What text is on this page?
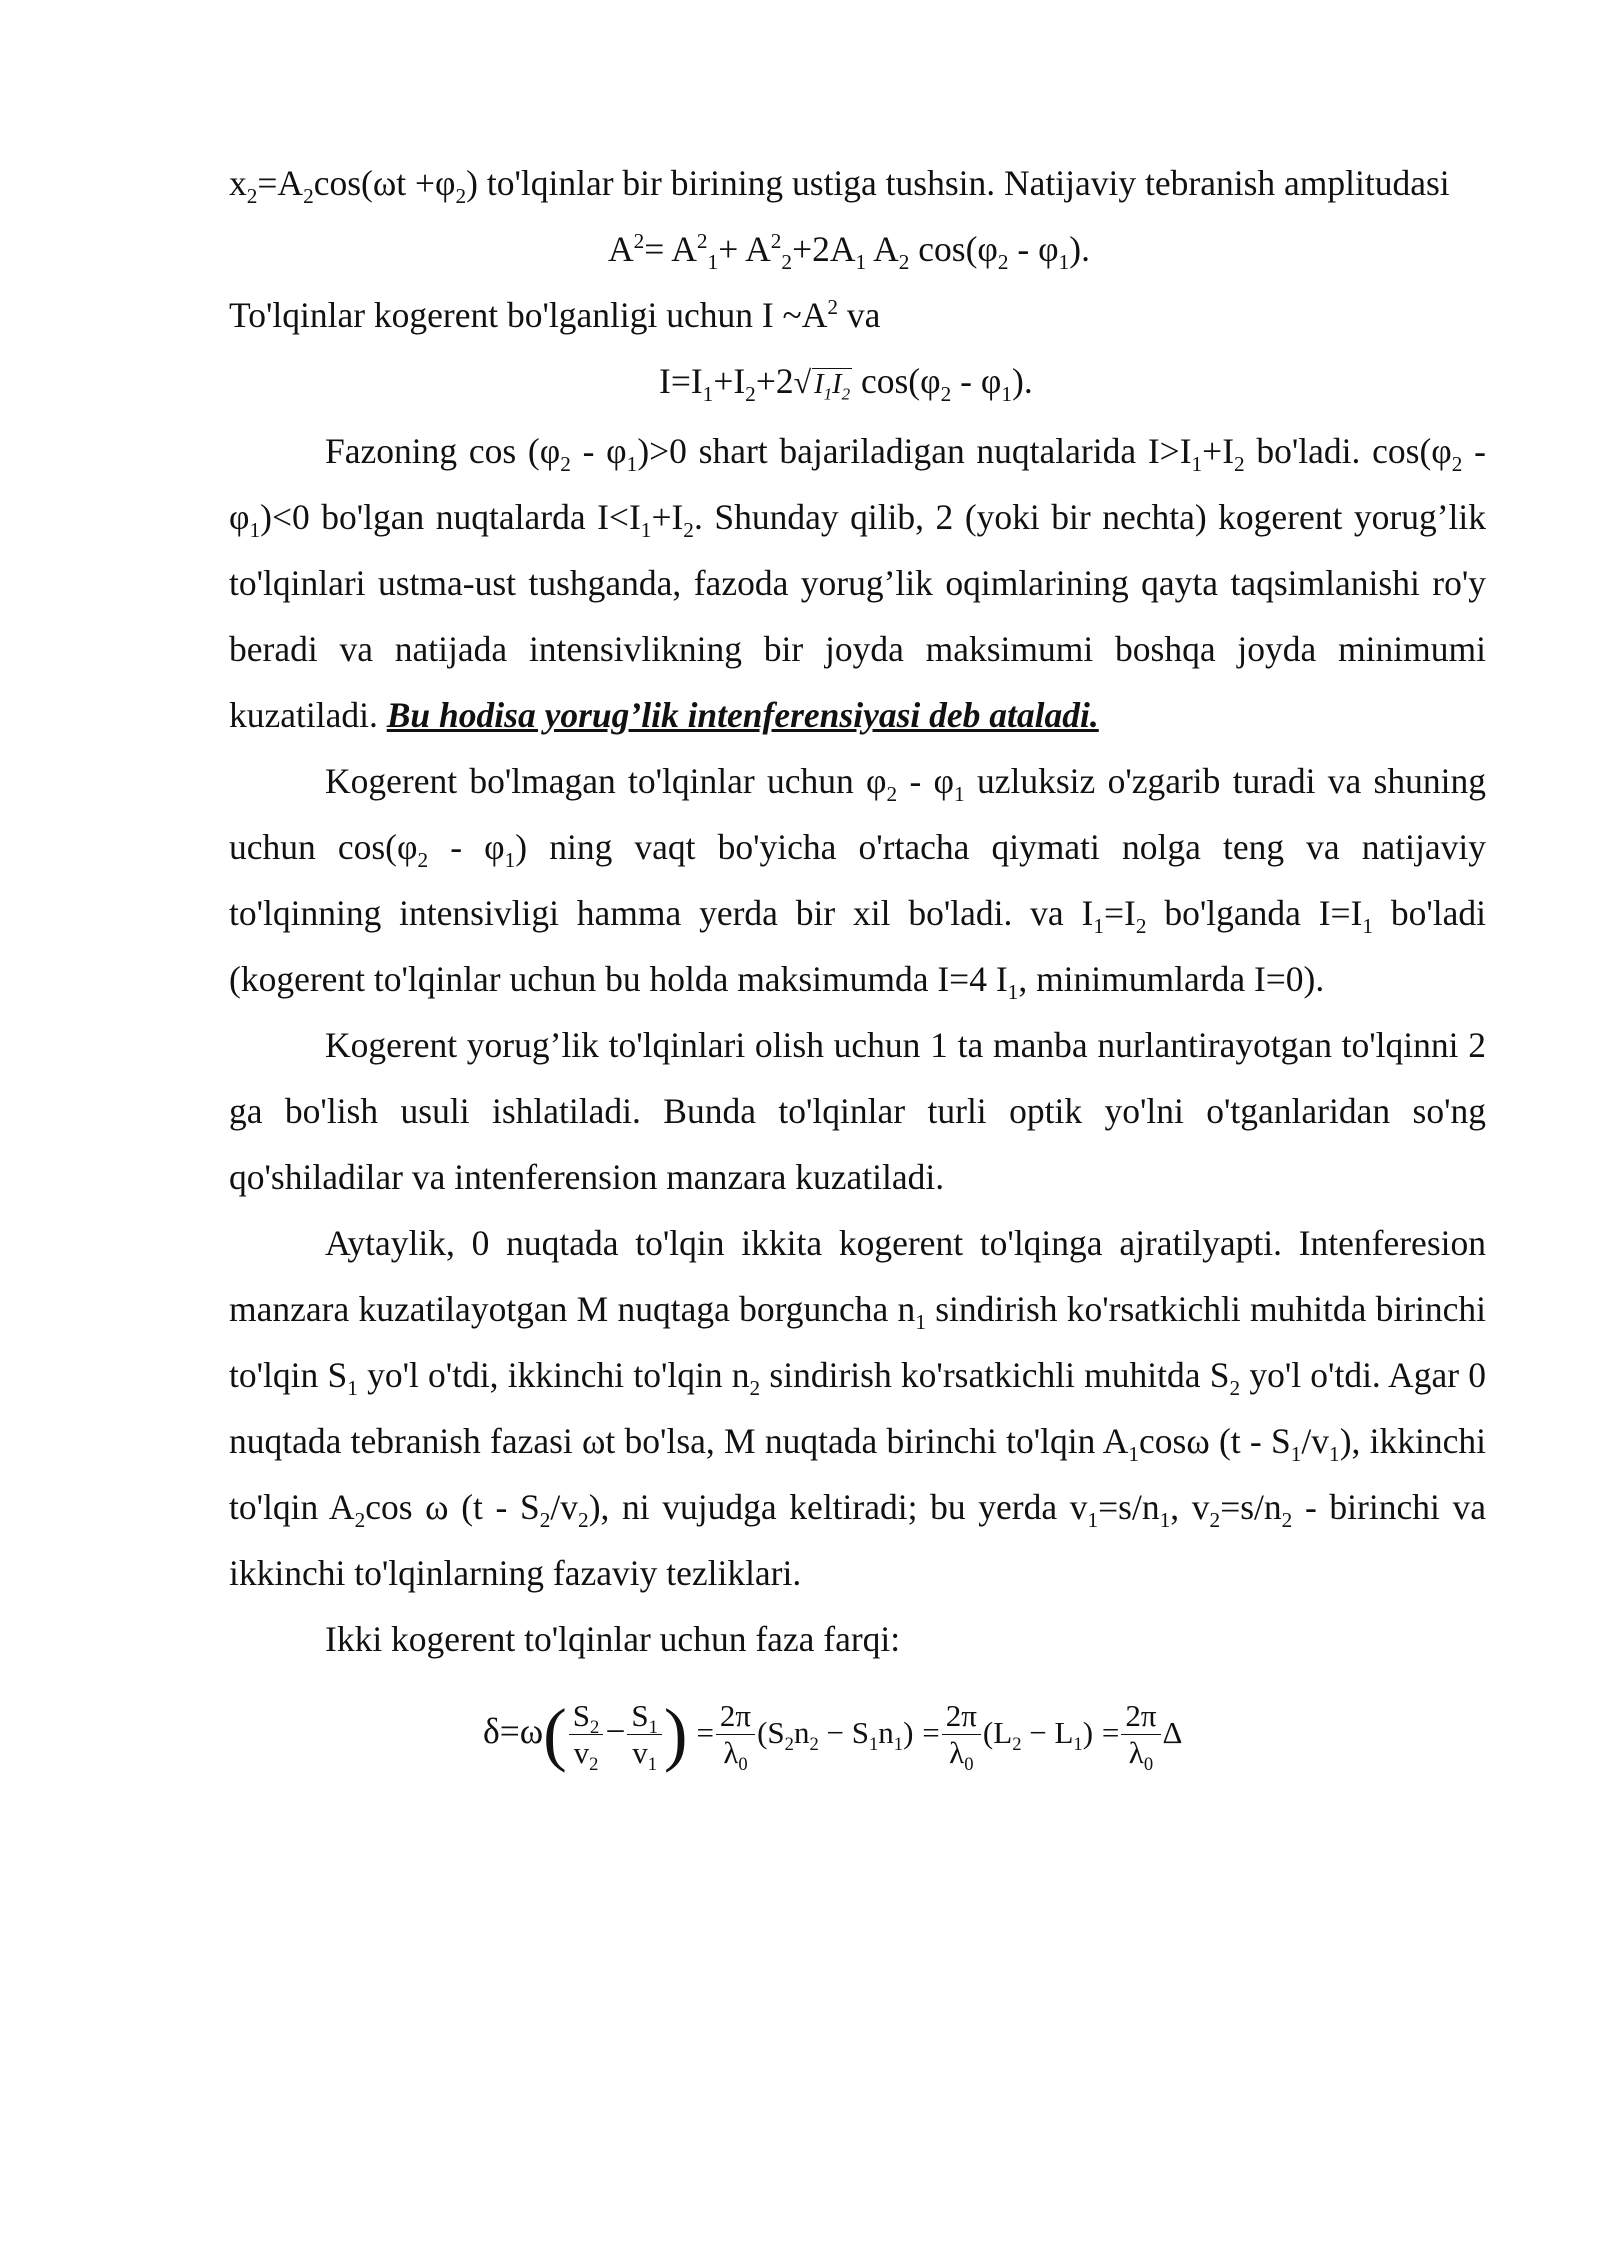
$x_2=A_2\cos(\omega t +\varphi_2)$ to'lqinlar bir birining ustiga tushsin. Natijaviy tebranish amplitudasi

$A^2= A^2_1+ A^2_2+2A_1$ $A_2$ $\cos(\varphi_2 - \varphi_1)$.

To'lqinlar kogerent bo'lganligi uchun I $\sim A^2$ va

$I=I_1+I_2+2√$ $I_1I_2$ $\cos(\varphi_2 - \varphi_1)$.

Fazoning $\cos (\varphi_2 - \varphi_1)>0$ shart bajariladigan nuqtalarida $I>I_1+I_2$ bo'ladi. $\cos(\varphi_2 - \varphi_1)<0$ bo'lgan nuqtalarda $I<I_1+I_2$. Shunday qilib, 2 (yoki bir nechta) kogerent yorug’lik to'lqinlari ustma-ust tushganda, fazoda yorug’lik oqimlarining qayta taqsimlanishi ro'y beradi va natijada intensivlikning bir joyda maksimumi boshqa joyda minimumi kuzatiladi. Bu hodisa yorug’lik intenferensiyasi deb ataladi.

Kogerent bo'lmagan to'lqinlar uchun $\varphi_2 - \varphi_1$ uzluksiz o'zgarib turadi va shuning uchun $\cos(\varphi_2 - \varphi_1)$ ning vaqt bo'yicha o'rtacha qiymati nolga teng va natijaviy to'lqinning intensivligi hamma yerda bir xil bo'ladi. va $I_1=I_2$ bo'lganda $I=I_1$ bo'ladi (kogerent to'lqinlar uchun bu holda maksimumda I=4 $I_1$, minimumlarda I=0).

Kogerent yorug’lik to'lqinlari olish uchun 1 ta manba nurlantirayotgan to'lqinni 2 ga bo'lish usuli ishlatiladi. Bunda to'lqinlar turli optik yo'lni o'tganlaridan so'ng qo'shiladilar va intenferension manzara kuzatiladi.

Aytaylik, 0 nuqtada to'lqin ikkita kogerent to'lqinga ajratilyapti. Intenferesion manzara kuzatilayotgan M nuqtaga borguncha $n_1$ sindirish ko'rsatkichli muhitda birinchi to'lqin $S_1$ yo'l o'tdi, ikkinchi to'lqin $n_2$ sindirish ko'rsatkichli muhitda $S_2$ yo'l o'tdi. Agar 0 nuqtada tebranish fazasi ωt bo'lsa, M nuqtada birinchi to'lqin $A_1\cos\omega$ $(t - S_1/v_1)$, ikkinchi to'lqin $A_2\cos$ ω $(t - S_2/v_2)$, ni vujudga keltiradi; bu yerda $v_1=s/n_1$, $v_2=s/n_2$ - birinchi va ikkinchi to'lqinlarning fazaviy tezliklari.

Ikki kogerent to'lqinlar uchun faza farqi:

$\delta=\omega( \frac{S_2}{v_2} - \frac{S_1}{v_1}$ ) = $\frac{2\pi}{\lambda_0} (S_2n_2 - S_1n_1) = \frac{2\pi}{\lambda_0} (L_2 - L_1) = \frac{2\pi}{\lambda_0}$ Δ
